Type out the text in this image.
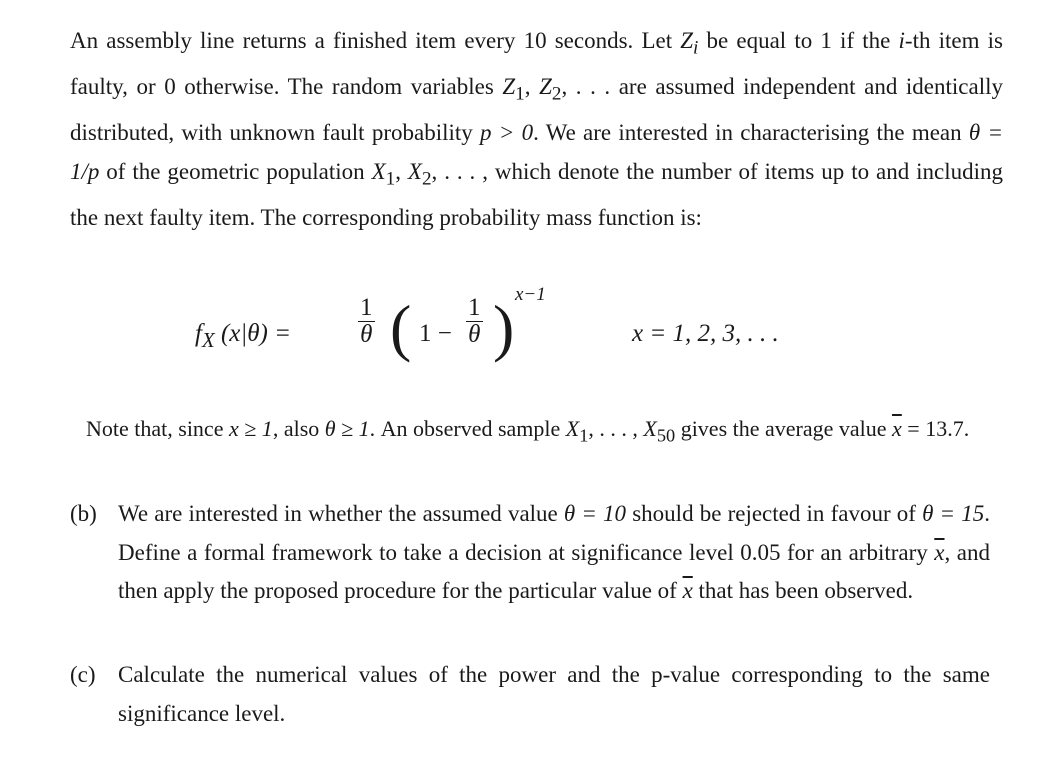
An assembly line returns a finished item every 10 seconds. Let $Z_i$ be equal to 1 if the i-th item is faulty, or 0 otherwise. The random variables $Z_1$, $Z_2$, . . . are assumed independent and identically distributed, with unknown fault probability p > 0. We are interested in characterising the mean θ = 1/p of the geometric population $X_1$, $X_2$, . . . , which denote the number of items up to and including the next faulty item. The corresponding probability mass function is:
$f_X$ (x|θ) =	$\frac{1}{\theta}$ ( $1 - \frac{1}{\theta}$ ) x−1
x = 1, 2, 3, . . .
Note that, since x ≥ 1, also θ ≥ 1. An observed sample $X_1$, . . . , $X_{50}$ gives the average value $\overline{x} = 13.7$.
(b) We are interested in whether the assumed value θ = 10 should be rejected in favour of θ = 15. Define a formal framework to take a decision at significance level 0.05 for an arbitrary $\overline{x}$, and then apply the proposed procedure for the particular value of $\overline{x}$ that has been observed.
(c) Calculate the numerical values of the power and the p-value corresponding to the same significance level.
